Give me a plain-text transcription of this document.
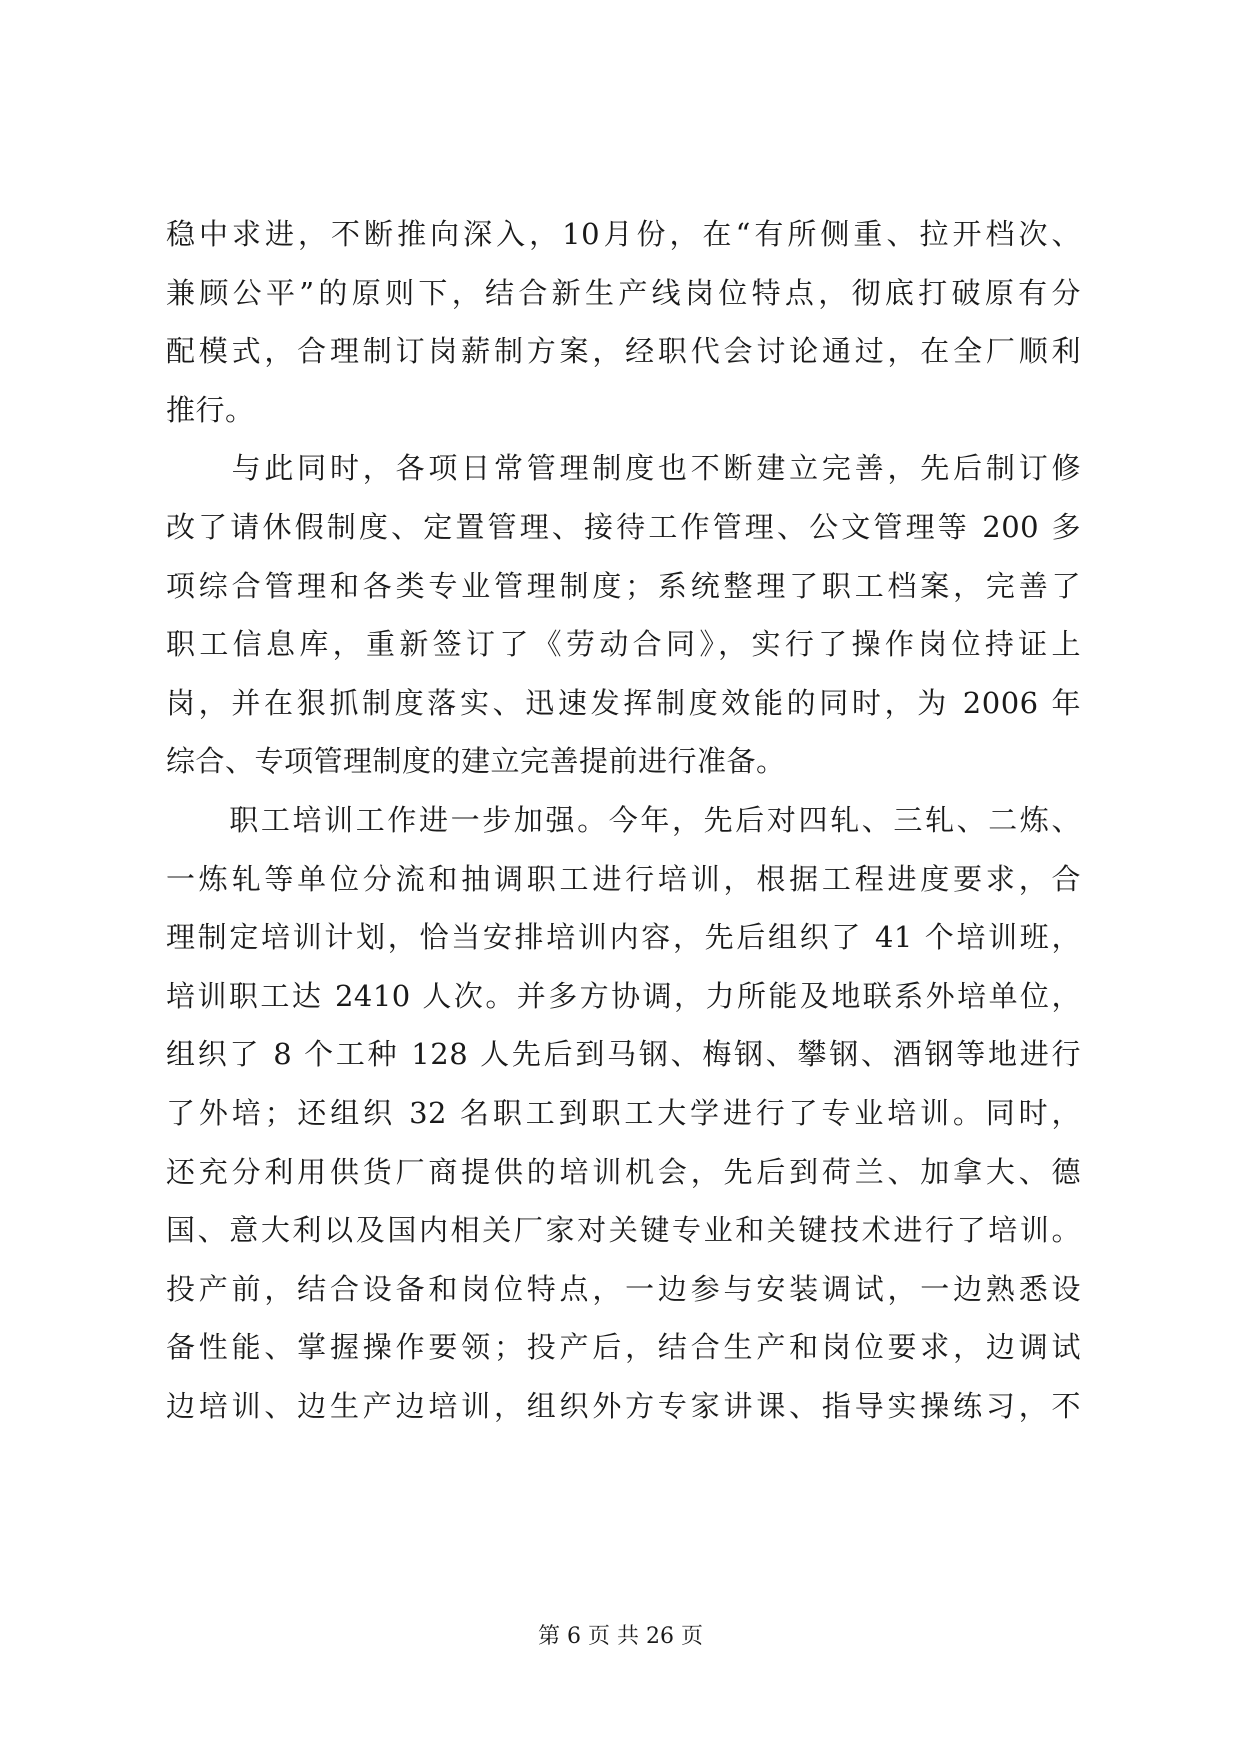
稳中求进，不断推向深入，10月份，在“有所侧重、拉开档次、
兼顾公平”的原则下，结合新生产线岗位特点，彻底打破原有分
配模式，合理制订岗薪制方案，经职代会讨论通过，在全厂顺利
推行。
　　与此同时，各项日常管理制度也不断建立完善，先后制订修
改了请休假制度、定置管理、接待工作管理、公文管理等 200 多
项综合管理和各类专业管理制度；系统整理了职工档案，完善了
职工信息库，重新签订了《劳动合同》，实行了操作岗位持证上
岗，并在狠抓制度落实、迅速发挥制度效能的同时，为 2006 年
综合、专项管理制度的建立完善提前进行准备。
　　职工培训工作进一步加强。今年，先后对四轧、三轧、二炼、
一炼轧等单位分流和抽调职工进行培训，根据工程进度要求，合
理制定培训计划，恰当安排培训内容，先后组织了 41 个培训班，
培训职工达 2410 人次。并多方协调，力所能及地联系外培单位，
组织了 8 个工种 128 人先后到马钢、梅钢、攀钢、酒钢等地进行
了外培；还组织 32 名职工到职工大学进行了专业培训。同时，
还充分利用供货厂商提供的培训机会，先后到荷兰、加拿大、德
国、意大利以及国内相关厂家对关键专业和关键技术进行了培训。
投产前，结合设备和岗位特点，一边参与安装调试，一边熟悉设
备性能、掌握操作要领；投产后，结合生产和岗位要求，边调试
边培训、边生产边培训，组织外方专家讲课、指导实操练习，不
第 6 页 共 26 页
